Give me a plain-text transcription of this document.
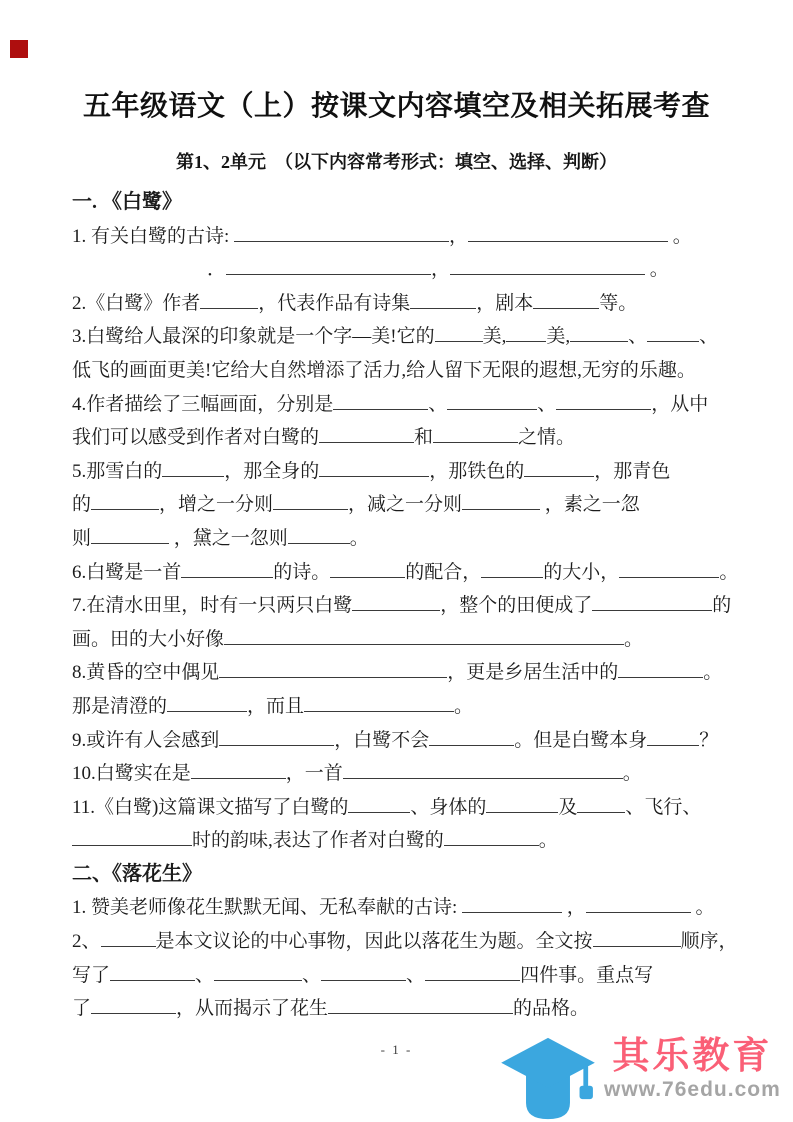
五年级语文（上）按课文内容填空及相关拓展考查
第1、2单元　（以下内容常考形式：填空、选择、判断）
一. 《白鹭》
1. 有关白鹭的古诗:	，	。
．	，	。
2.《白鹭》作者	，代表作品有诗集	，剧本	等。
3.白鹭给人最深的印象就是一个字—美!它的	美, 美,	、	、
低飞的画面更美!它给大自然增添了活力,给人留下无限的遐想,无穷的乐趣。
4.作者描绘了三幅画面，分别是	、	、	，从中
我们可以感受到作者对白鹭的	和	之情。
5.那雪白的	，那全身的	，那铁色的	，那青色
的	，增之一分则	，减之一分则	，素之一忽
则	，黛之一忽则	。
6.白鹭是一首	的诗。	的配合，	的大小，	。
7.在清水田里，时有一只两只白鹭	，整个的田便成了	的
画。田的大小好像	。
8.黄昏的空中偶见	，更是乡居生活中的	。
那是清澄的	，而且	。
9.或许有人会感到	，白鹭不会	。但是白鹭本身	？
10.白鹭实在是	，一首	。
11.《白鹭)这篇课文描写了白鹭的	、身体的	及	、飞行、
时的韵味,表达了作者对白鹭的	。
二、《落花生》
1. 赞美老师像花生默默无闻、无私奉献的古诗:	，	。
2、	是本文议论的中心事物，因此以落花生为题。全文按	顺序，
写了	、	、	、	四件事。重点写
了	，从而揭示了花生	的品格。
- 1 -	其乐教育
www.76edu.com
